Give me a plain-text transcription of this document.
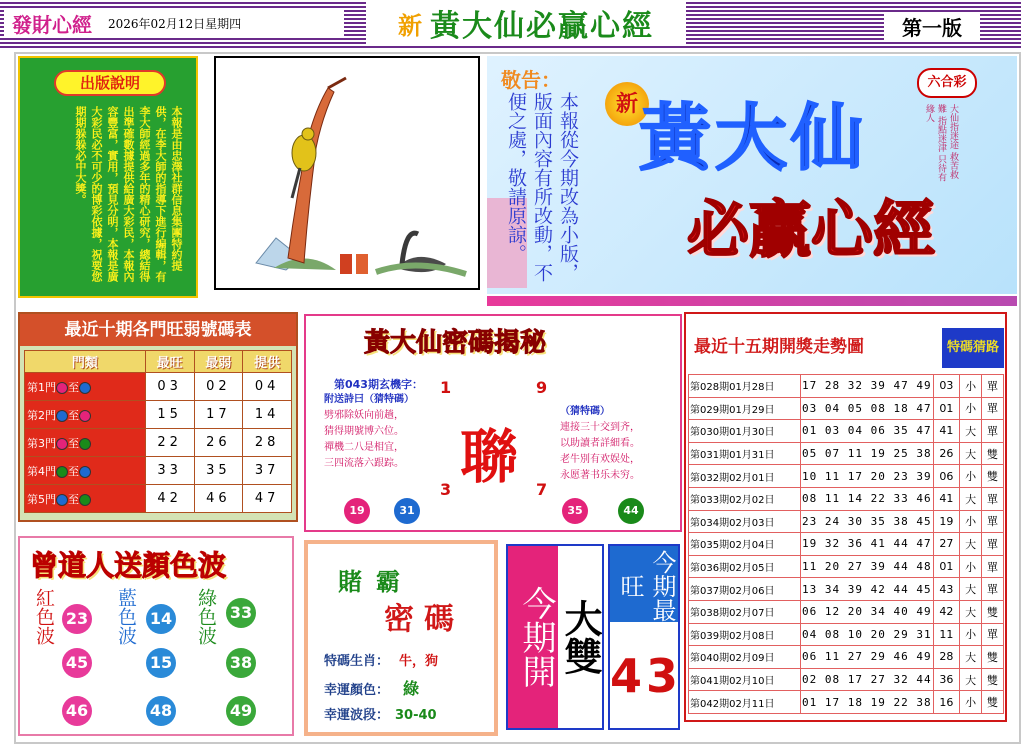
發財心經 2026年02月12日星期四	新 黃大仙必贏心經	第一版
出版說明
本報是由忠澤社群信息集團特約提供，在李大師的指導下進行編輯，有李大師經過多年的精心研究，總結得出準確數據提供給廣大彩民，本報內容豐富，實用，預見分明，本報是廣大彩民必不可少的博彩依據，祝要您期期躲躲必中大獎。
敬告：
本報從今期改為小版，版面內容有所改動，不便之處，敬請原諒。	新 黃大仙
必贏心經
六合彩
大仙指迷途 救苦救難 指點迷津 只待有緣人
最近十期各門旺弱號碼表
門類	最旺	最弱	提供
第1門 至	03	02	04
第2門 至	15	17	14
第3門 至	22	26	28
第4門 至	33	35	37
第5門 至	42	46	47
黃大仙密碼揭秘
第043期玄機字：
附送詩曰（猜特碼）
劈邪除妖向前趟，
猜得期號博六位。
禪機二八是相宜，
三四流落六跟踪。
（猜特碼）
連接三十交到齐，
以助讀者詳細看。
老牛別有欢娱处，
永愿著书乐未穷。
1	9
聯
3	7
19	31	35	44
最近十五期開獎走勢圖	特碼猜路
第028期01月28日	17 28 32 39 47 49	03	小	單
第029期01月29日	03 04 05 08 18 47	01	小	單
第030期01月30日	01 03 04 06 35 47	41	大	單
第031期01月31日	05 07 11 19 25 38	26	大	雙
第032期02月01日	10 11 17 20 23 39	06	小	雙
第033期02月02日	08 11 14 22 33 46	41	大	單
第034期02月03日	23 24 30 35 38 45	19	小	單
第035期02月04日	19 32 36 41 44 47	27	大	單
第036期02月05日	11 20 27 39 44 48	01	小	單
第037期02月06日	13 34 39 42 44 45	43	大	單
第038期02月07日	06 12 20 34 40 49	42	大	雙
第039期02月08日	04 08 10 20 29 31	11	小	單
第040期02月09日	06 11 27 29 46 49	28	大	雙
第041期02月10日	02 08 17 27 32 44	36	大	雙
第042期02月11日	01 17 18 19 22 38	16	小	雙
曾道人送顏色波
紅色波	藍色波	綠色波
23
45
46
14
15
48
33
38
49
賭霸
密碼
特碼生肖： 牛，狗
幸運顏色： 綠
幸運波段： 30-40
今期開 大雙
今期最旺
43
